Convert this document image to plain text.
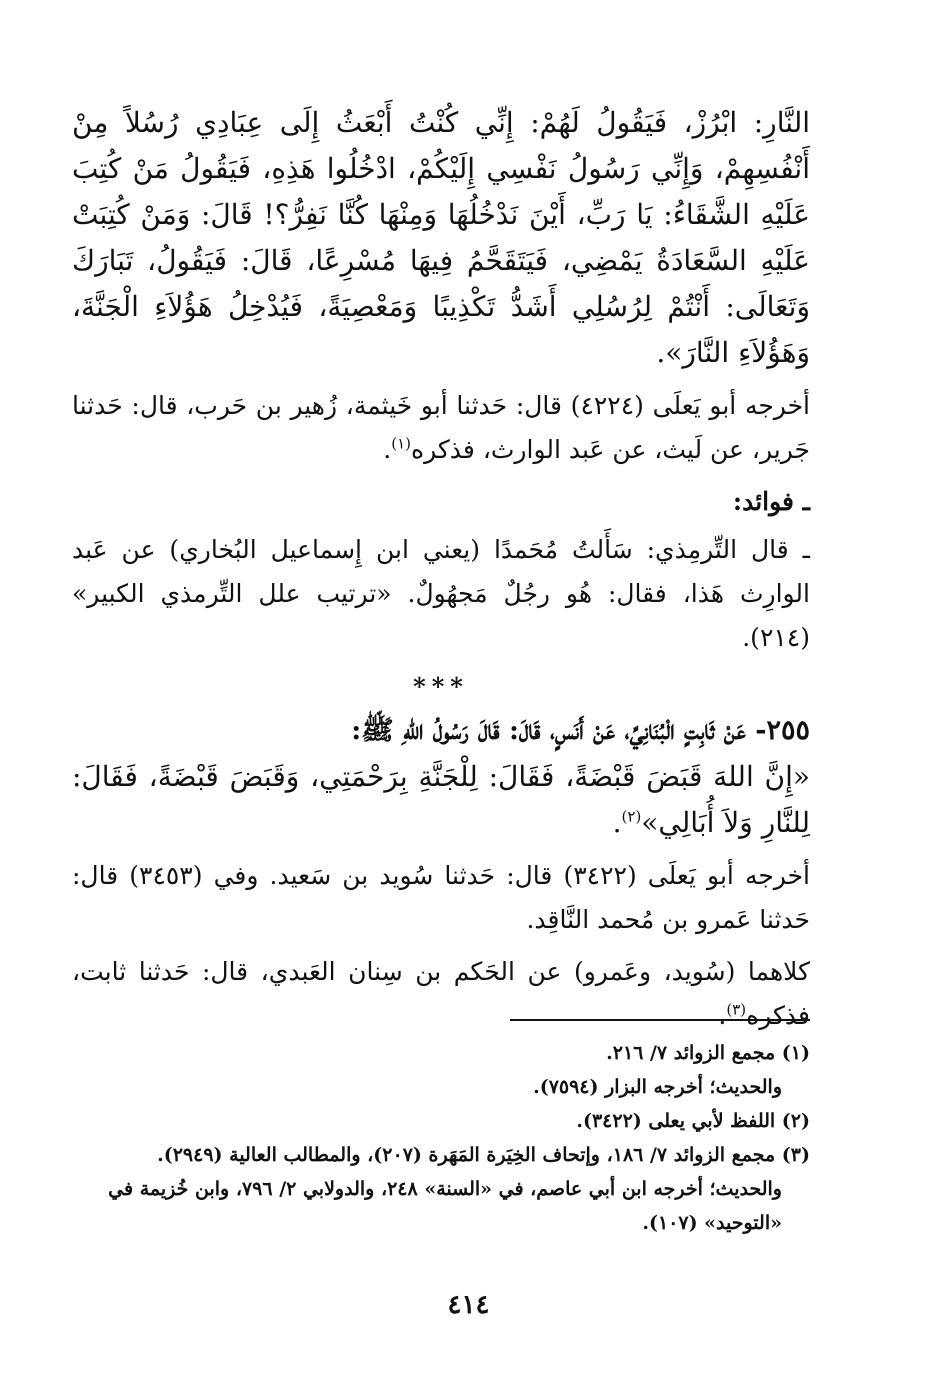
النَّارِ: ابْرُزْ، فَيَقُولُ لَهُمْ: إِنِّي كُنْتُ أَبْعَثُ إِلَى عِبَادِي رُسُلاً مِنْ أَنْفُسِهِمْ، وَإِنِّي رَسُولُ نَفْسِي إِلَيْكُمْ، ادْخُلُوا هَذِهِ، فَيَقُولُ مَنْ كُتِبَ عَلَيْهِ الشَّقَاءُ: يَا رَبِّ، أَيْنَ نَدْخُلُهَا وَمِنْهَا كُنَّا نَفِرُّ؟! قَالَ: وَمَنْ كُتِبَتْ عَلَيْهِ السَّعَادَةُ يَمْضِي، فَيَتَقَحَّمُ فِيهَا مُسْرِعًا، قَالَ: فَيَقُولُ، تَبَارَكَ وَتَعَالَى: أَنْتُمْ لِرُسُلِي أَشَدُّ تَكْذِيبًا وَمَعْصِيَةً، فَيُدْخِلُ هَؤُلاَءِ الْجَنَّةَ، وَهَؤُلاَءِ النَّارَ».

أخرجه أبو يَعلَى (٤٢٢٤) قال: حَدثنا أبو خَيثمة، زُهير بن حَرب، قال: حَدثنا جَرير، عن لَيث، عن عَبد الوارث، فذكره$^{(١)}$.

ـ فوائد:

ـ قال التِّرمِذي: سَأَلتُ مُحَمدًا (يعني ابن إِسماعيل البُخاري) عن عَبد الوارِث هَذا، فقال: هُو رجُلٌ مَجهُولٌ. «ترتيب علل التِّرمذي الكبير» (٢١٤).

***
٢٥٥- عَنْ ثَابِتٍ الْبُنَانِيِّ، عَنْ أَنَسٍ، قَالَ: قَالَ رَسُولُ اللهِ ﷺ:

«إِنَّ اللهَ قَبَضَ قَبْضَةً، فَقَالَ: لِلْجَنَّةِ بِرَحْمَتِي، وَقَبَضَ قَبْضَةً، فَقَالَ: لِلنَّارِ وَلاَ أُبَالِي»$^{(٢)}$.

أخرجه أبو يَعلَى (٣٤٢٢) قال: حَدثنا سُويد بن سَعيد. وفي (٣٤٥٣) قال: حَدثنا عَمرو بن مُحمد النَّاقِد.

كلاهما (سُويد، وعَمرو) عن الحَكم بن سِنان العَبدي، قال: حَدثنا ثابت، فذكره$^{(٣)}$.

(١) مجمع الزوائد ٧/ ٢١٦.
والحديث؛ أخرجه البزار (٧٥٩٤).
(٢) اللفظ لأبي يعلى (٣٤٢٢).
(٣) مجمع الزوائد ٧/ ١٨٦، وإتحاف الخِيَرة المَهَرة (٢٠٧)، والمطالب العالية (٢٩٤٩).
والحديث؛ أخرجه ابن أبي عاصم، في «السنة» ٢٤٨، والدولابي ٢/ ٧٩٦، وابن خُزيمة في «التوحيد» (١٠٧).
٤١٤
